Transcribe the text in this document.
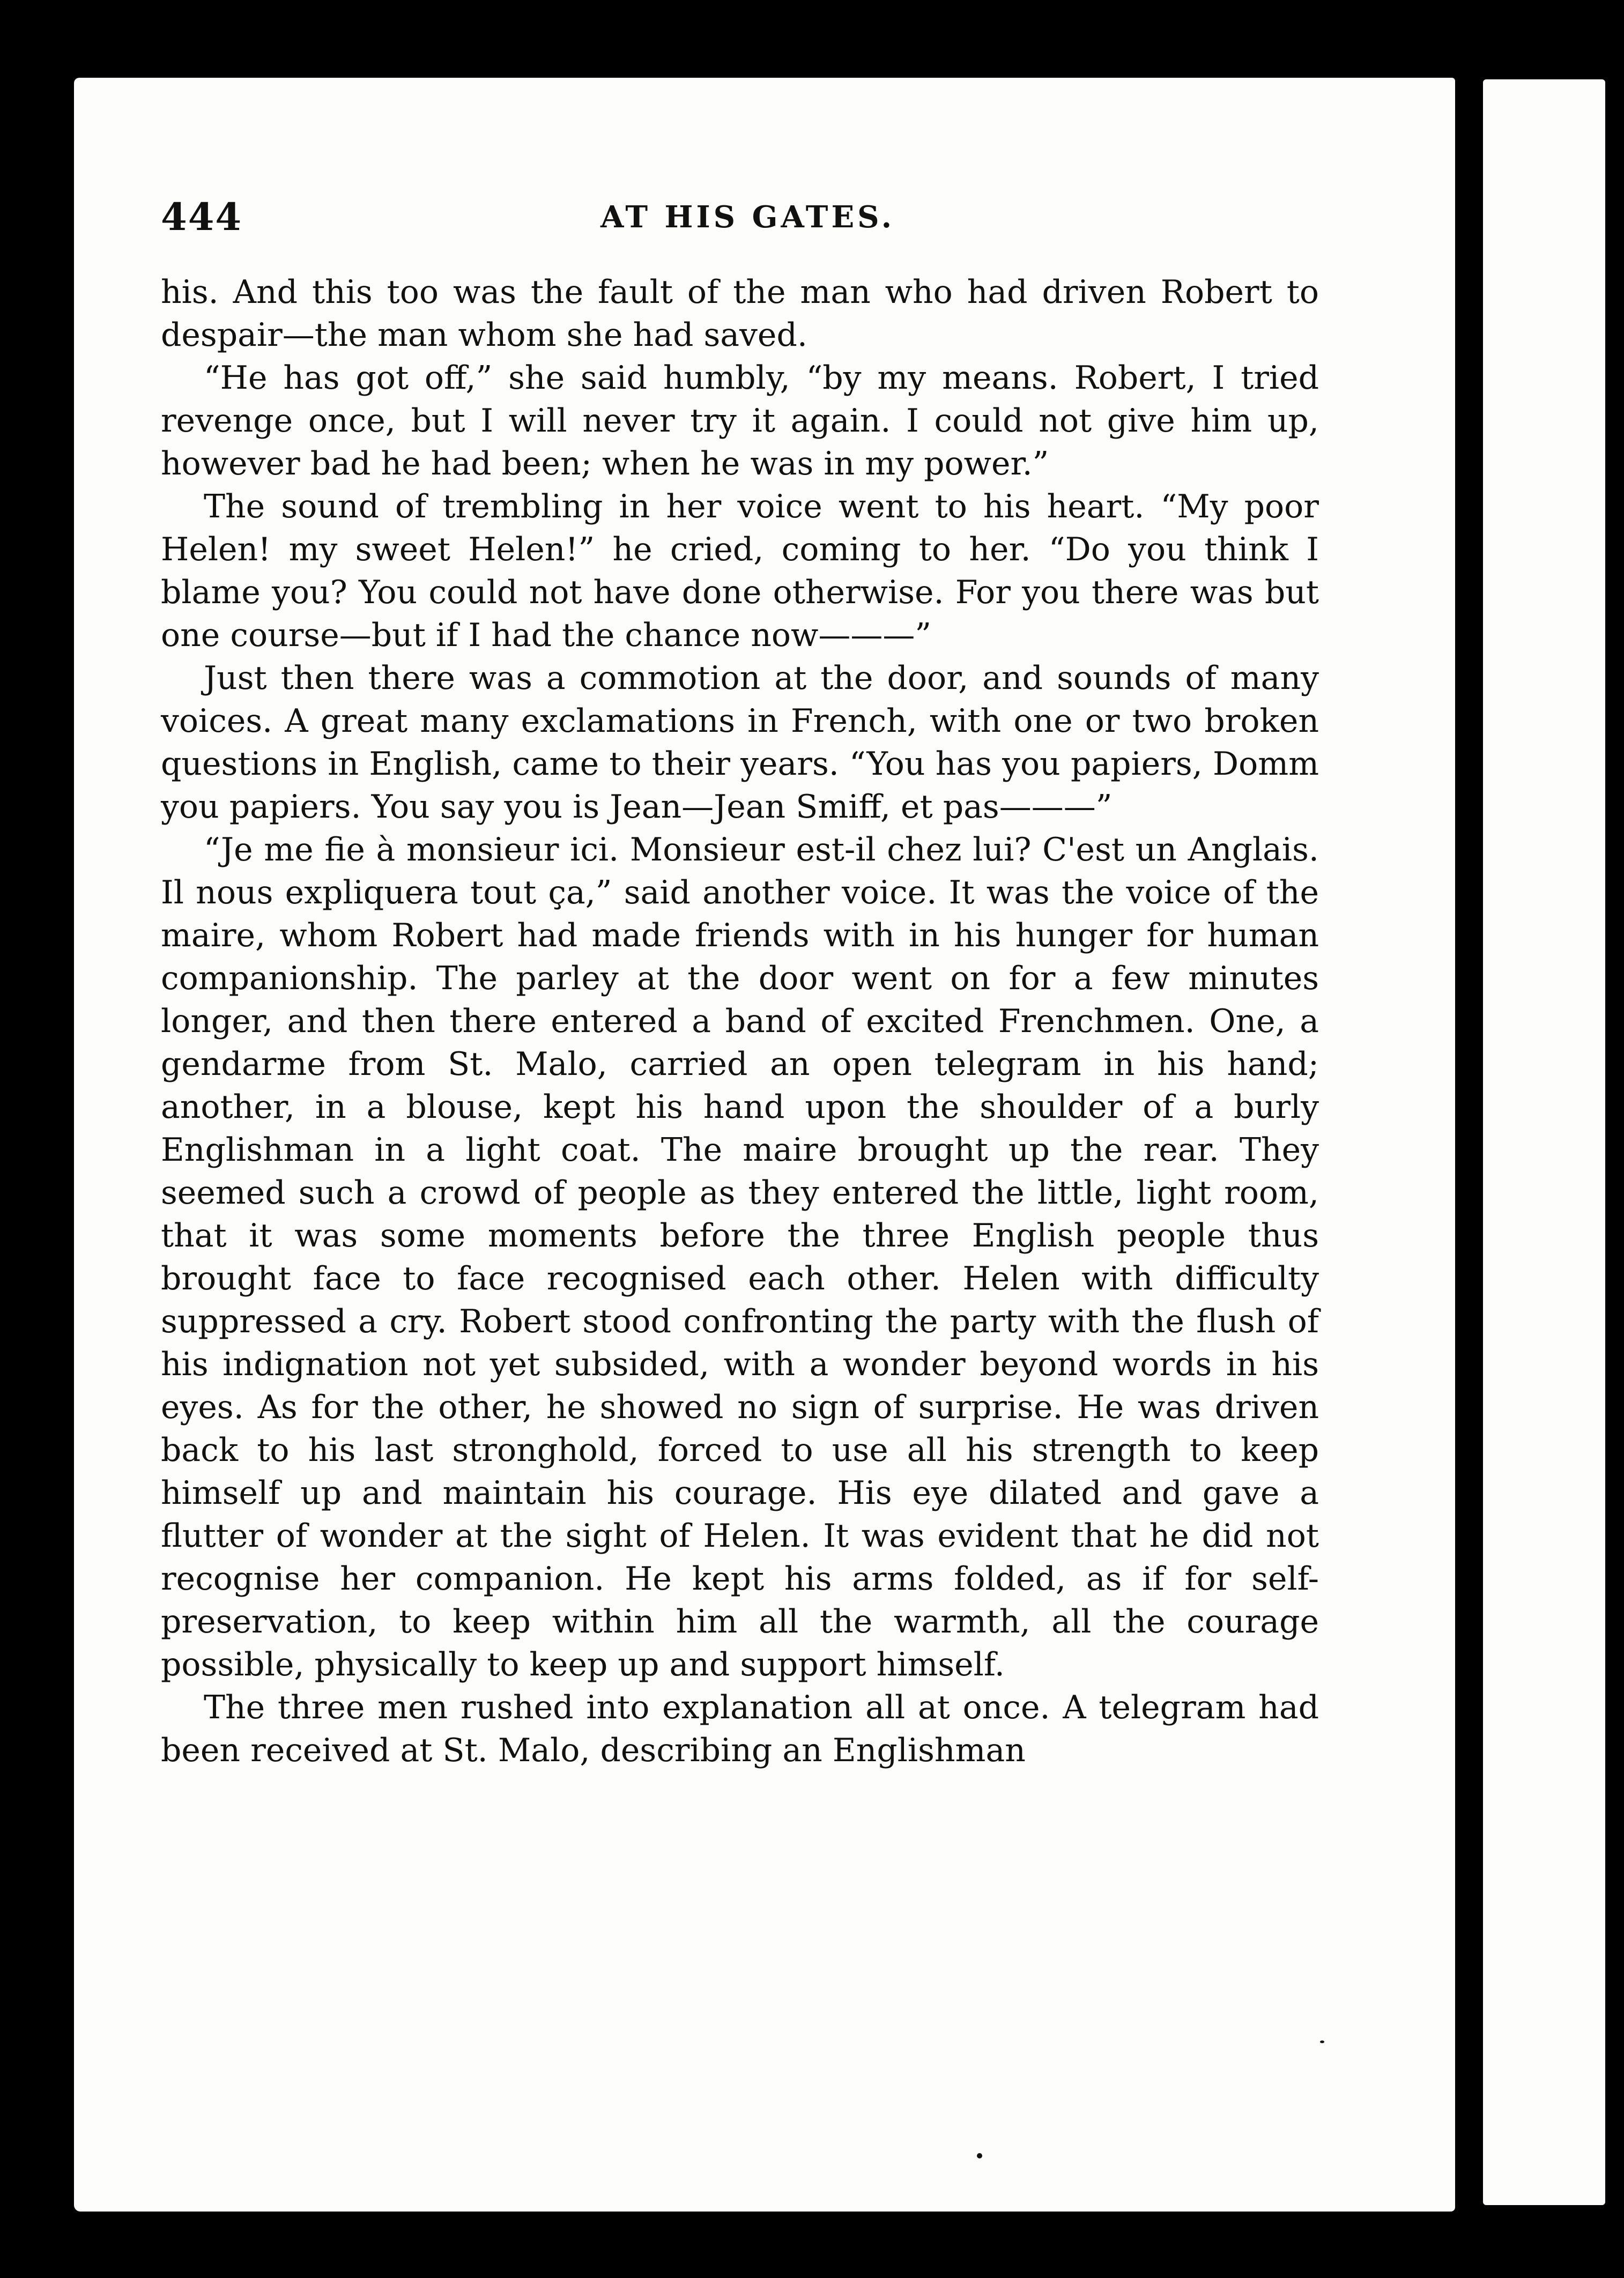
444	AT HIS GATES.

his. And this too was the fault of the man who had driven Robert to despair—the man whom she had saved.

“He has got off,” she said humbly, “by my means. Robert, I tried revenge once, but I will never try it again. I could not give him up, however bad he had been; when he was in my power.”

The sound of trembling in her voice went to his heart. “My poor Helen! my sweet Helen!” he cried, coming to her. “Do you think I blame you? You could not have done otherwise. For you there was but one course—but if I had the chance now———”

Just then there was a commotion at the door, and sounds of many voices. A great many exclamations in French, with one or two broken questions in English, came to their years. “You has you papiers, Domm you papiers. You say you is Jean—Jean Smiff, et pas———”

“Je me fie à monsieur ici. Monsieur est-il chez lui? C'est un Anglais. Il nous expliquera tout ça,” said another voice. It was the voice of the maire, whom Robert had made friends with in his hunger for human companionship. The parley at the door went on for a few minutes longer, and then there entered a band of excited Frenchmen. One, a gendarme from St. Malo, carried an open telegram in his hand; another, in a blouse, kept his hand upon the shoulder of a burly Englishman in a light coat. The maire brought up the rear. They seemed such a crowd of people as they entered the little, light room, that it was some moments before the three English people thus brought face to face recognised each other. Helen with difficulty suppressed a cry. Robert stood confronting the party with the flush of his indignation not yet subsided, with a wonder beyond words in his eyes. As for the other, he showed no sign of surprise. He was driven back to his last stronghold, forced to use all his strength to keep himself up and maintain his courage. His eye dilated and gave a flutter of wonder at the sight of Helen. It was evident that he did not recognise her companion. He kept his arms folded, as if for self-preservation, to keep within him all the warmth, all the courage possible, physically to keep up and support himself.

The three men rushed into explanation all at once. A telegram had been received at St. Malo, describing an Englishman
